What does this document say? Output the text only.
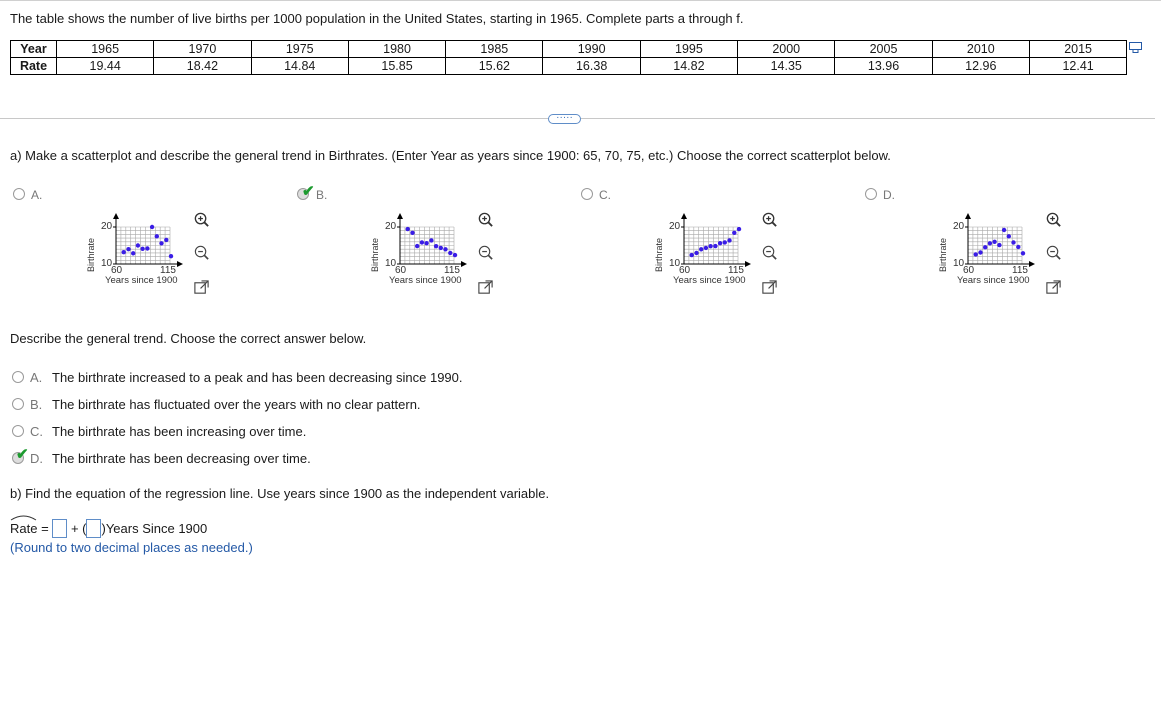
The table shows the number of live births per 1000 population in the United States, starting in 1965. Complete parts a through f.
Year	1965	1970	1975	1980	1985	1990	1995	2000	2005	2010	2015
Rate	19.44	18.42	14.84	15.85	15.62	16.38	14.82	14.35	13.96	12.96	12.41
·····
a) Make a scatterplot and describe the general trend in Birthrates. (Enter Year as years since 1900: 65, 70, 75, etc.) Choose the correct scatterplot below.
A.	✔ B.	C.	D.
Birthrate
20
10
60	115
Years since 1900
Birthrate
20
10
60	115
Years since 1900
Birthrate
20
10
60	115
Years since 1900
Birthrate
20
10
60	115
Years since 1900
Describe the general trend. Choose the correct answer below.
A. The birthrate increased to a peak and has been decreasing since 1990.
B. The birthrate has fluctuated over the years with no clear pattern.
C. The birthrate has been increasing over time.
D. The birthrate has been decreasing over time.
✔
b) Find the equation of the regression line. Use years since 1900 as the independent variable.
Rate = + ( )Years Since 1900
(Round to two decimal places as needed.)
